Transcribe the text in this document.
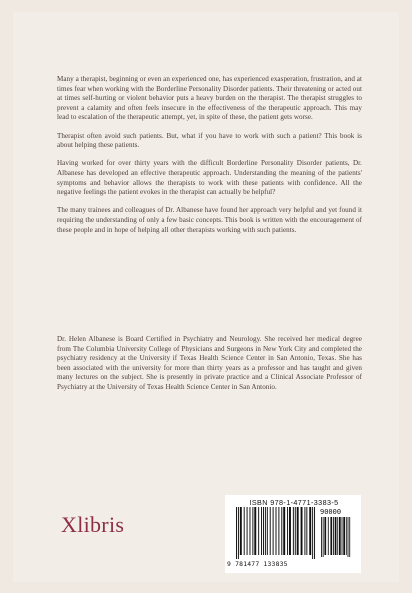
Many a therapist, beginning or even an experienced one, has experienced exasperation, frustration, and at times fear when working with the Borderline Personality Disorder patients. Their threatening or acted out at times self-hurting or violent behavior puts a heavy burden on the therapist. The therapist struggles to prevent a calamity and often feels insecure in the effectiveness of the therapeutic approach. This may lead to escalation of the therapeutic attempt, yet, in spite of these, the patient gets worse.

Therapist often avoid such patients. But, what if you have to work with such a patient? This book is about helping these patients.

Having worked for over thirty years with the difficult Borderline Personality Disorder patients, Dr. Albanese has developed an effective therapeutic approach. Understanding the meaning of the patients' symptoms and behavior allows the therapists to work with these patients with confidence. All the negative feelings the patient evokes in the therapist can actually be helpful?

The many trainees and colleagues of Dr. Albanese have found her approach very helpful and yet found it requiring the understanding of only a few basic concepts. This book is written with the encouragement of these people and in hope of helping all other therapists working with such patients.

Dr. Helen Albanese is Board Certified in Psychiatry and Neurology. She received her medical degree from The Columbia University College of Physicians and Surgeons in New York City and completed the psychiatry residency at the University if Texas Health Science Center in San Antonio, Texas. She has been associated with the university for more than thirty years as a professor and has taught and given many lectures on the subject. She is presently in private practice and a Clinical Associate Professor of Psychiatry at the University of Texas Health Science Center in San Antonio.

Xlibris
ISBN 978-1-4771-3383-5
90000
9 781477 133835
